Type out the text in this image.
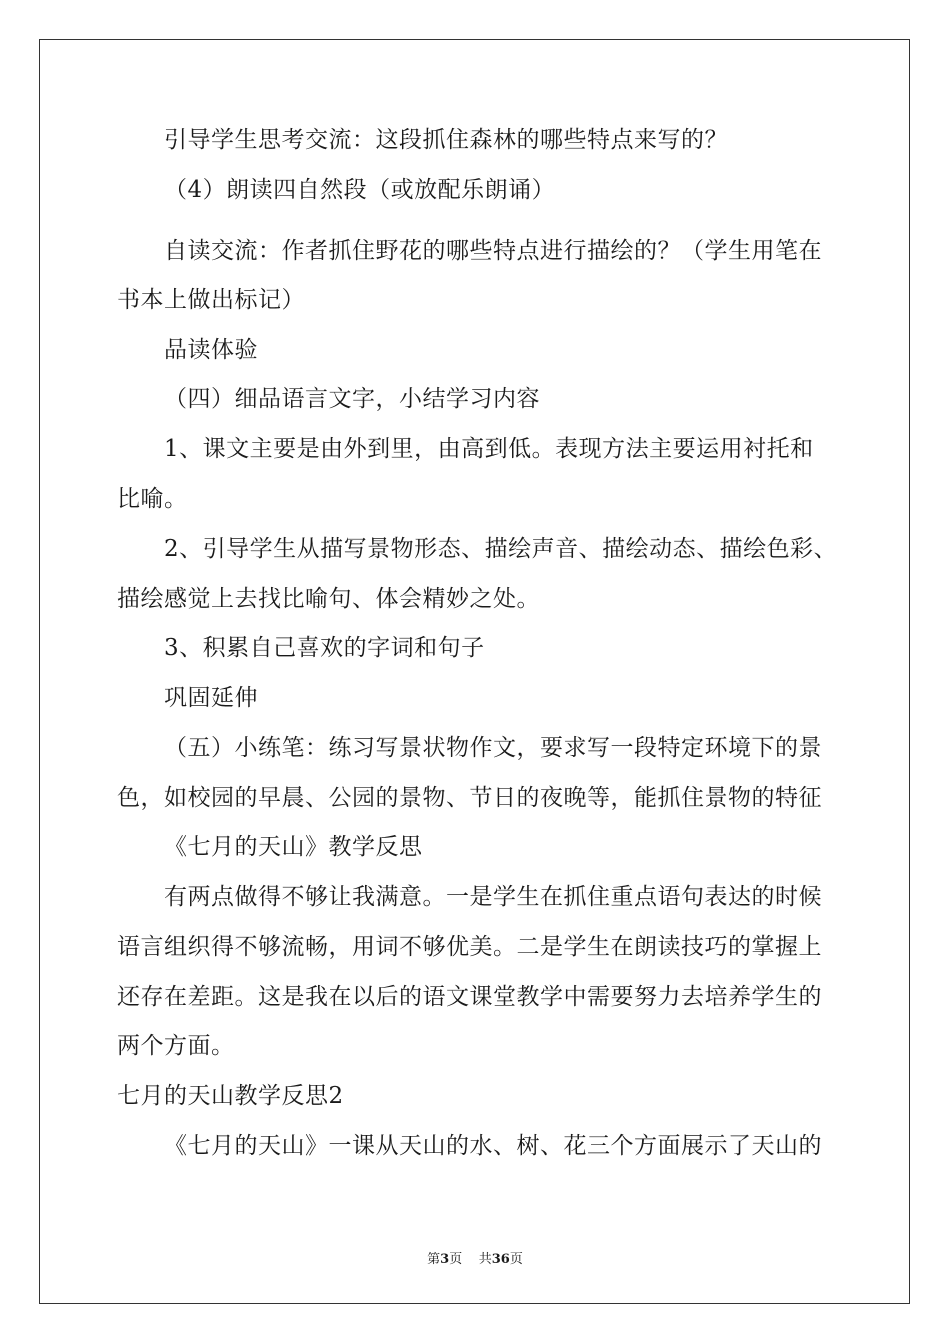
引导学生思考交流：这段抓住森林的哪些特点来写的？
（4）朗读四自然段（或放配乐朗诵）
自读交流：作者抓住野花的哪些特点进行描绘的？（学生用笔在
书本上做出标记）
品读体验
（四）细品语言文字，小结学习内容
1、课文主要是由外到里，由高到低。表现方法主要运用衬托和
比喻。
2、引导学生从描写景物形态、描绘声音、描绘动态、描绘色彩、
描绘感觉上去找比喻句、体会精妙之处。
3、积累自己喜欢的字词和句子
巩固延伸
（五）小练笔：练习写景状物作文，要求写一段特定环境下的景
色，如校园的早晨、公园的景物、节日的夜晚等，能抓住景物的特征
《七月的天山》教学反思
有两点做得不够让我满意。一是学生在抓住重点语句表达的时候
语言组织得不够流畅，用词不够优美。二是学生在朗读技巧的掌握上
还存在差距。这是我在以后的语文课堂教学中需要努力去培养学生的
两个方面。
七月的天山教学反思2
《七月的天山》一课从天山的水、树、花三个方面展示了天山的
第3页 共36页
